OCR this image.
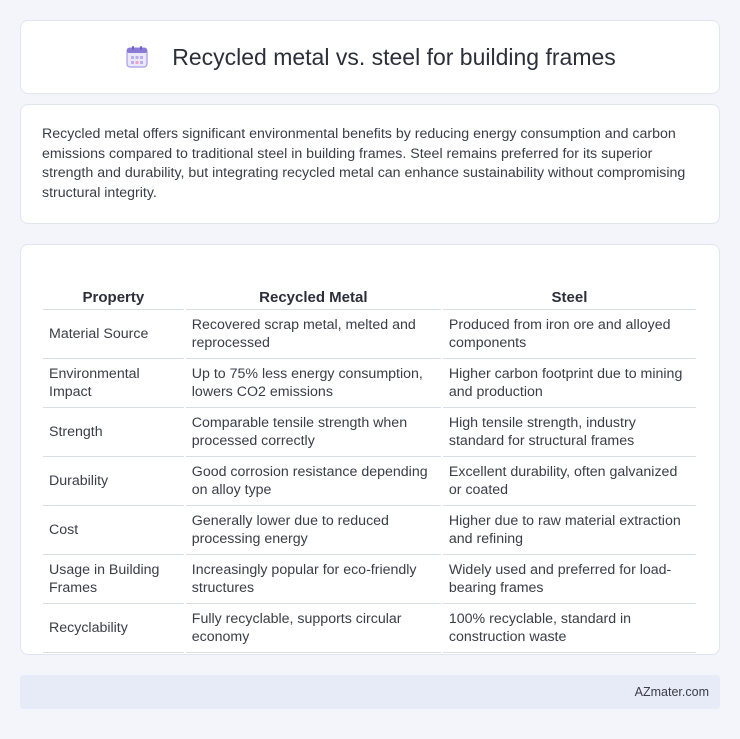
Recycled metal vs. steel for building frames

Recycled metal offers significant environmental benefits by reducing energy consumption and carbon emissions compared to traditional steel in building frames. Steel remains preferred for its superior strength and durability, but integrating recycled metal can enhance sustainability without compromising structural integrity.

Property	Recycled Metal	Steel
Material Source	Recovered scrap metal, melted and reprocessed	Produced from iron ore and alloyed components
Environmental Impact	Up to 75% less energy consumption, lowers CO2 emissions	Higher carbon footprint due to mining and production
Strength	Comparable tensile strength when processed correctly	High tensile strength, industry standard for structural frames
Durability	Good corrosion resistance depending on alloy type	Excellent durability, often galvanized or coated
Cost	Generally lower due to reduced processing energy	Higher due to raw material extraction and refining
Usage in Building Frames	Increasingly popular for eco-friendly structures	Widely used and preferred for load-bearing frames
Recyclability	Fully recyclable, supports circular economy	100% recyclable, standard in construction waste
AZmater.com
